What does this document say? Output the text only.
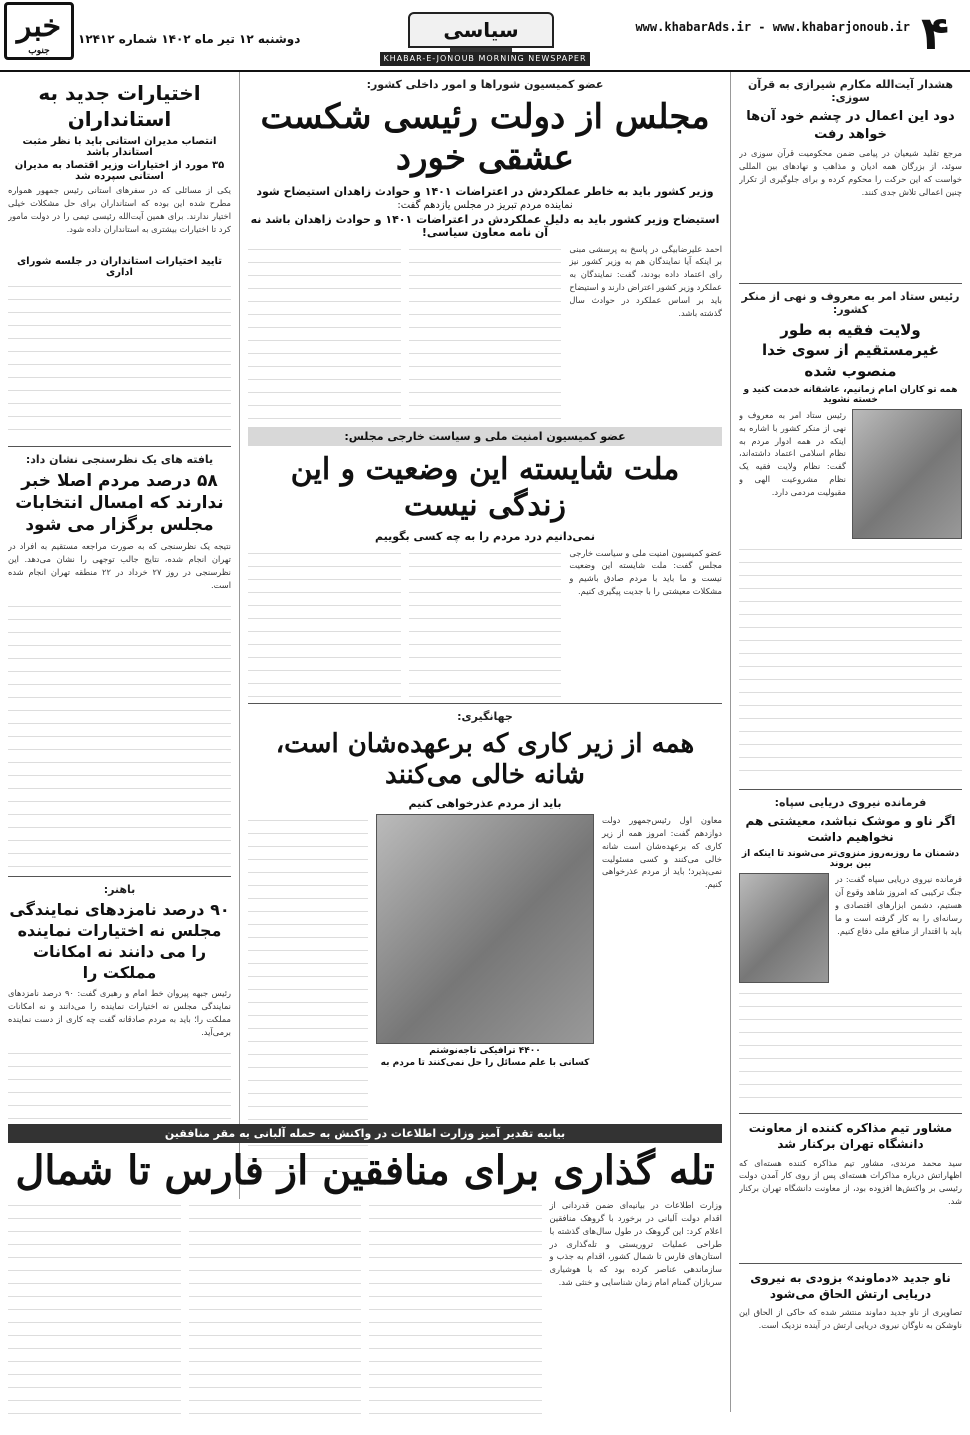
۴
www.khabarAds.ir - www.khabarjonoub.ir
سیاسی
دوشنبه ۱۲ تیر ماه ۱۴۰۲ شماره ۱۲۴۱۲
خبر
جنوب
KHABAR-E-JONOUB MORNING NEWSPAPER
هشدار آیت‌الله مکارم شیرازی به قرآن سوزی:
دود این اعمال در چشم خود آن‌ها خواهد رفت
مرجع تقلید شیعیان در پیامی ضمن محکومیت قرآن سوزی در سوئد، از بزرگان همه ادیان و مذاهب و نهادهای بین المللی خواست که این حرکت را محکوم کرده و برای جلوگیری از تکرار چنین اعمالی تلاش جدی کنند.
رئیس ستاد امر به معروف و نهی از منکر کشور:
ولایت فقیه به طور غیرمستقیم از سوی خدا منصوب شده
همه تو کاران امام زمانیم، عاشقانه خدمت کنید و خسته نشوید
رئیس ستاد امر به معروف و نهی از منکر کشور با اشاره به اینکه در همه ادوار مردم به نظام اسلامی اعتماد داشته‌اند، گفت: نظام ولایت فقیه یک نظام مشروعیت الهی و مقبولیت مردمی دارد.
فرمانده نیروی دریایی سپاه:
اگر ناو و موشک نباشد، معیشتی هم نخواهیم داشت
دشمنان ما روزبه‌روز منزوی‌تر می‌شوند تا اینکه از بین بروند
فرمانده نیروی دریایی سپاه گفت: در جنگ ترکیبی که امروز شاهد وقوع آن هستیم، دشمن ابزارهای اقتصادی و رسانه‌ای را به کار گرفته است و ما باید با اقتدار از منافع ملی دفاع کنیم.
مشاور تیم مذاکره کننده از معاونت دانشگاه تهران برکنار شد
سید محمد مرندی، مشاور تیم مذاکره کننده هسته‌ای که اظهاراتش درباره مذاکرات هسته‌ای پس از روی کار آمدن دولت رئیسی بر واکنش‌ها افزوده بود، از معاونت دانشگاه تهران برکنار شد.
ناو جدید «دماوند» بزودی به نیروی دریایی ارتش الحاق می‌شود
تصاویری از ناو جدید دماوند منتشر شده که حاکی از الحاق این ناوشکن به ناوگان نیروی دریایی ارتش در آینده نزدیک است.
عضو کمیسیون شوراها و امور داخلی کشور:
مجلس از دولت رئیسی شکست عشقی خورد
وزیر کشور باید به خاطر عملکردش در اعتراضات ۱۴۰۱ و حوادث زاهدان استیضاح شود
نماینده مردم تبریز در مجلس یازدهم گفت:
استیضاح وزیر کشور باید به دلیل عملکردش در اعتراضات ۱۴۰۱ و حوادث زاهدان باشد نه آن نامه معاون سیاسی!
احمد علیرضابیگی در پاسخ به پرسشی مبنی بر اینکه آیا نمایندگان هم به وزیر کشور نیز رای اعتماد داده بودند، گفت: نمایندگان به عملکرد وزیر کشور اعتراض دارند و استیضاح باید بر اساس عملکرد در حوادث سال گذشته باشد.
عضو کمیسیون امنیت ملی و سیاست خارجی مجلس:
ملت شایسته این وضعیت و این زندگی نیست
نمی‌دانیم درد مردم را به چه کسی بگوییم
عضو کمیسیون امنیت ملی و سیاست خارجی مجلس گفت: ملت شایسته این وضعیت نیست و ما باید با مردم صادق باشیم و مشکلات معیشتی را با جدیت پیگیری کنیم.
جهانگیری:
همه از زیر کاری که برعهده‌شان است، شانه خالی می‌کنند
باید از مردم عذرخواهی کنیم
معاون اول رئیس‌جمهور دولت دوازدهم گفت: امروز همه از زیر کاری که برعهده‌شان است شانه خالی می‌کنند و کسی مسئولیت نمی‌پذیرد؛ باید از مردم عذرخواهی کنیم.
۴۴۰۰ ترافیکی تاجه‌نوشتم
کسانی با علم مسائل را حل نمی‌کنند تا مردم به
اختیارات جدید به استانداران
انتصاب مدیران استانی باید با نظر مثبت استاندار باشد
۳۵ مورد از اختیارات وزیر اقتصاد به مدیران استانی سپرده شد
یکی از مسائلی که در سفرهای استانی رئیس جمهور همواره مطرح شده این بوده که استانداران برای حل مشکلات خیلی اختیار ندارند. برای همین آیت‌الله رئیسی تیمی را در دولت مامور کرد تا اختیارات بیشتری به استانداران داده شود.
تایید اختیارات استانداران در جلسه شورای اداری
یافته های یک نظرسنجی نشان داد:
۵۸ درصد مردم اصلا خبر ندارند که امسال انتخابات مجلس برگزار می شود
نتیجه یک نظرسنجی که به صورت مراجعه مستقیم به افراد در تهران انجام شده، نتایج جالب توجهی را نشان می‌دهد. این نظرسنجی در روز ۲۷ خرداد در ۲۲ منطقه تهران انجام شده است.
باهنر:
۹۰ درصد نامزدهای نمایندگی مجلس نه اختیارات نماینده را می دانند نه امکانات مملکت را
رئیس جبهه پیروان خط امام و رهبری گفت: ۹۰ درصد نامزدهای نمایندگی مجلس نه اختیارات نماینده را می‌دانند و نه امکانات مملکت را؛ باید به مردم صادقانه گفت چه کاری از دست نماینده برمی‌آید.
بیانیه تقدیر آمیز وزارت اطلاعات در واکنش به حمله آلبانی به مقر منافقین
تله گذاری برای منافقین از فارس تا شمال
وزارت اطلاعات در بیانیه‌ای ضمن قدردانی از اقدام دولت آلبانی در برخورد با گروهک منافقین اعلام کرد: این گروهک در طول سال‌های گذشته با طراحی عملیات تروریستی و تله‌گذاری در استان‌های فارس تا شمال کشور، اقدام به جذب و سازماندهی عناصر کرده بود که با هوشیاری سربازان گمنام امام زمان شناسایی و خنثی شد.
